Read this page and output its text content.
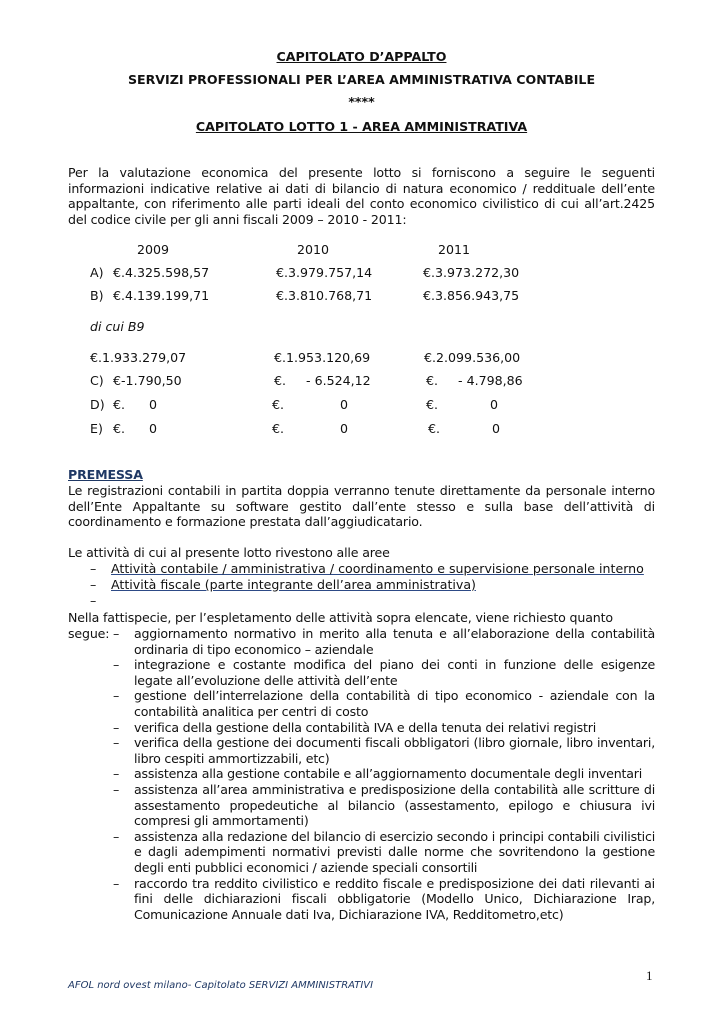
CAPITOLATO D’APPALTO
SERVIZI PROFESSIONALI PER L’AREA AMMINISTRATIVA CONTABILE
****
CAPITOLATO LOTTO 1 - AREA AMMINISTRATIVA
Per la valutazione economica del presente lotto si forniscono a seguire le seguenti informazioni indicative relative ai dati di bilancio di natura economico / reddituale dell’ente appaltante, con riferimento alle parti ideali del conto economico civilistico di cui all’art.2425 del codice civile per gli anni fiscali 2009 – 2010 - 2011:
2009	2010	2011
A) €.4.325.598,57	€.3.979.757,14	€.3.973.272,30
B) €.4.139.199,71	€.3.810.768,71	€.3.856.943,75
di cui B9
€.1.933.279,07	€.1.953.120,69	€.2.099.536,00
C) €-1.790,50	€.     - 6.524,12	€.     - 4.798,86
D) €.      0	€.              0	€.             0
E) €.      0	€.              0	€.             0
PREMESSA
Le registrazioni contabili in partita doppia verranno tenute direttamente da personale interno dell’Ente Appaltante su software gestito dall’ente stesso e sulla base dell’attività di coordinamento e formazione prestata dall’aggiudicatario.
Le attività di cui al presente lotto rivestono alle aree
– Attività contabile / amministrativa / coordinamento e supervisione personale interno
– Attività fiscale (parte integrante dell’area amministrativa)
–

Nella fattispecie, per l’espletamento delle attività sopra elencate, viene richiesto quanto segue: – aggiornamento normativo in merito alla tenuta e all’elaborazione della contabilità ordinaria di tipo economico – aziendale
– integrazione e costante modifica del piano dei conti in funzione delle esigenze legate all’evoluzione delle attività dell’ente
– gestione dell’interrelazione della contabilità di tipo economico - aziendale con la contabilità analitica per centri di costo
– verifica della gestione della contabilità IVA e della tenuta dei relativi registri
– verifica della gestione dei documenti fiscali obbligatori (libro giornale, libro inventari, libro cespiti ammortizzabili, etc)
– assistenza alla gestione contabile e all’aggiornamento documentale degli inventari
– assistenza all’area amministrativa e predisposizione della contabilità alle scritture di assestamento propedeutiche al bilancio (assestamento, epilogo e chiusura ivi compresi gli ammortamenti)
– assistenza alla redazione del bilancio di esercizio secondo i principi contabili civilistici e dagli adempimenti normativi previsti dalle norme che sovritendono la gestione degli enti pubblici economici / aziende speciali consortili
– raccordo tra reddito civilistico e reddito fiscale e predisposizione dei dati rilevanti ai fini delle dichiarazioni fiscali obbligatorie (Modello Unico, Dichiarazione Irap, Comunicazione Annuale dati Iva, Dichiarazione IVA, Redditometro,etc)
1
AFOL nord ovest milano- Capitolato SERVIZI AMMINISTRATIVI
